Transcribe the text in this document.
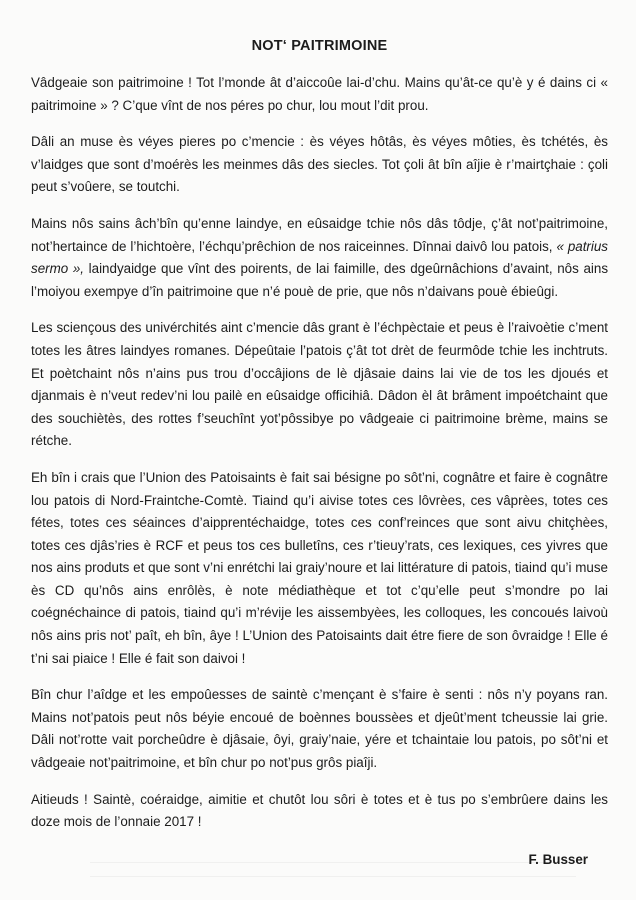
NOT‘ PAITRIMOINE

Vâdgeaie son paitrimoine ! Tot l’monde ât d’aiccoûe lai-d’chu. Mains qu’ât-ce qu’è y é dains ci « paitrimoine » ? C’que vînt de nos péres po chur, lou mout l’dit prou.

Dâli an muse ès véyes pieres po c’mencie : ès véyes hôtâs, ès véyes môties, ès tchétés, ès v’laidges que sont d’moérès les meinmes dâs des siecles. Tot çoli ât bîn aîjie è r’mairtçhaie : çoli peut s’voûere, se toutchi.

Mains nôs sains âch’bîn qu’enne laindye, en eûsaidge tchie nôs dâs tôdje, ç’ât not’paitrimoine, not’hertaince de l’hichtoère, l’échqu’prêchion de nos raiceinnes. Dînnai daivô lou patois, « patrius sermo », laindyaidge que vînt des poirents, de lai faimille, des dgeûrnâchions d’avaint, nôs ains l’moiyou exempye d’în paitrimoine que n’é pouè de prie, que nôs n’daivans pouè ébieûgi.

Les sciençous des univérchités aint c’mencie dâs grant è l’échpèctaie et peus è l’raivoètie c’ment totes les âtres laindyes romanes. Dépeûtaie l’patois ç’ât tot drèt de feurmôde tchie les inchtruts. Et poètchaint nôs n’ains pus trou d’occâjions de lè djâsaie dains lai vie de tos les djoués et djanmais è n’veut redev’ni lou pailè en eûsaidge officihiâ. Dâdon èl ât brâment impoétchaint que des souchiètès, des rottes f’seuchînt yot’pôssibye po vâdgeaie ci paitrimoine brème, mains se rétche.

Eh bîn i crais que l’Union des Patoisaints è fait sai bésigne po sôt’ni, cognâtre et faire è cognâtre lou patois di Nord-Fraintche-Comtè. Tiaind qu’i aivise totes ces lôvrèes, ces vâprèes, totes ces fétes, totes ces séainces d’aipprentéchaidge, totes ces conf’reinces que sont aivu chitçhèes, totes ces djâs’ries è RCF et peus tos ces bulletîns, ces r’tieuy’rats, ces lexiques, ces yivres que nos ains produts et que sont v’ni enrétchi lai graiy’noure et lai littérature di patois, tiaind qu’i muse ès CD qu’nôs ains enrôlès, è note médiathèque et tot c’qu’elle peut s’mondre po lai coégnéchaince di patois, tiaind qu’i m’révije les aissembyèes, les colloques, les concoués laivoù nôs ains pris not’ paît, eh bîn, âye ! L’Union des Patoisaints dait étre fiere de son ôvraidge ! Elle é t’ni sai piaice ! Elle é fait son daivoi !

Bîn chur l’aîdge et les empoûesses de saintè c’mençant è s’faire è senti : nôs n’y poyans ran. Mains not’patois peut nôs béyie encoué de boènnes boussèes et djeût’ment tcheussie lai grie. Dâli not’rotte vait porcheûdre è djâsaie, ôyi, graiy’naie, yére et tchaintaie lou patois, po sôt’ni et vâdgeaie not’paitrimoine, et bîn chur po not’pus grôs piaîji.

Aitieuds ! Saintè, coéraidge, aimitie et chutôt lou sôri è totes et è tus po s’embrûere dains les doze mois de l’onnaie 2017 !

F. Busser
